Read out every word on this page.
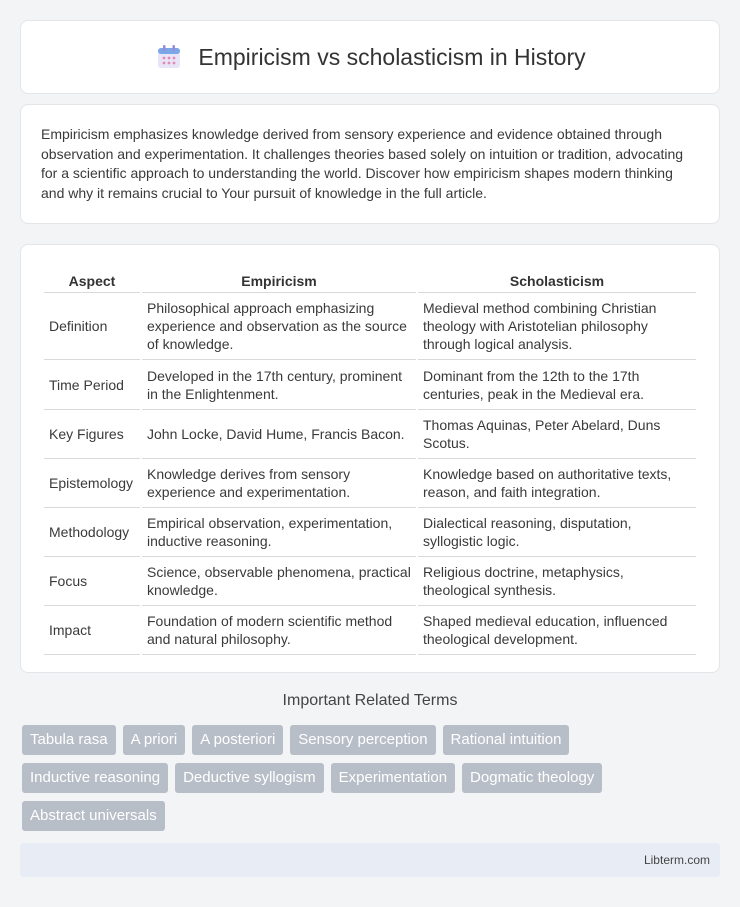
Empiricism vs scholasticism in History

Empiricism emphasizes knowledge derived from sensory experience and evidence obtained through observation and experimentation. It challenges theories based solely on intuition or tradition, advocating for a scientific approach to understanding the world. Discover how empiricism shapes modern thinking and why it remains crucial to Your pursuit of knowledge in the full article.

Aspect	Empiricism	Scholasticism
Definition	Philosophical approach emphasizing experience and observation as the source of knowledge.	Medieval method combining Christian theology with Aristotelian philosophy through logical analysis.
Time Period	Developed in the 17th century, prominent in the Enlightenment.	Dominant from the 12th to the 17th centuries, peak in the Medieval era.
Key Figures	John Locke, David Hume, Francis Bacon.	Thomas Aquinas, Peter Abelard, Duns Scotus.
Epistemology	Knowledge derives from sensory experience and experimentation.	Knowledge based on authoritative texts, reason, and faith integration.
Methodology	Empirical observation, experimentation, inductive reasoning.	Dialectical reasoning, disputation, syllogistic logic.
Focus	Science, observable phenomena, practical knowledge.	Religious doctrine, metaphysics, theological synthesis.
Impact	Foundation of modern scientific method and natural philosophy.	Shaped medieval education, influenced theological development.
Important Related Terms
Tabula rasa	A priori	A posteriori	Sensory perception	Rational intuition
Inductive reasoning	Deductive syllogism	Experimentation	Dogmatic theology
Abstract universals
Libterm.com
